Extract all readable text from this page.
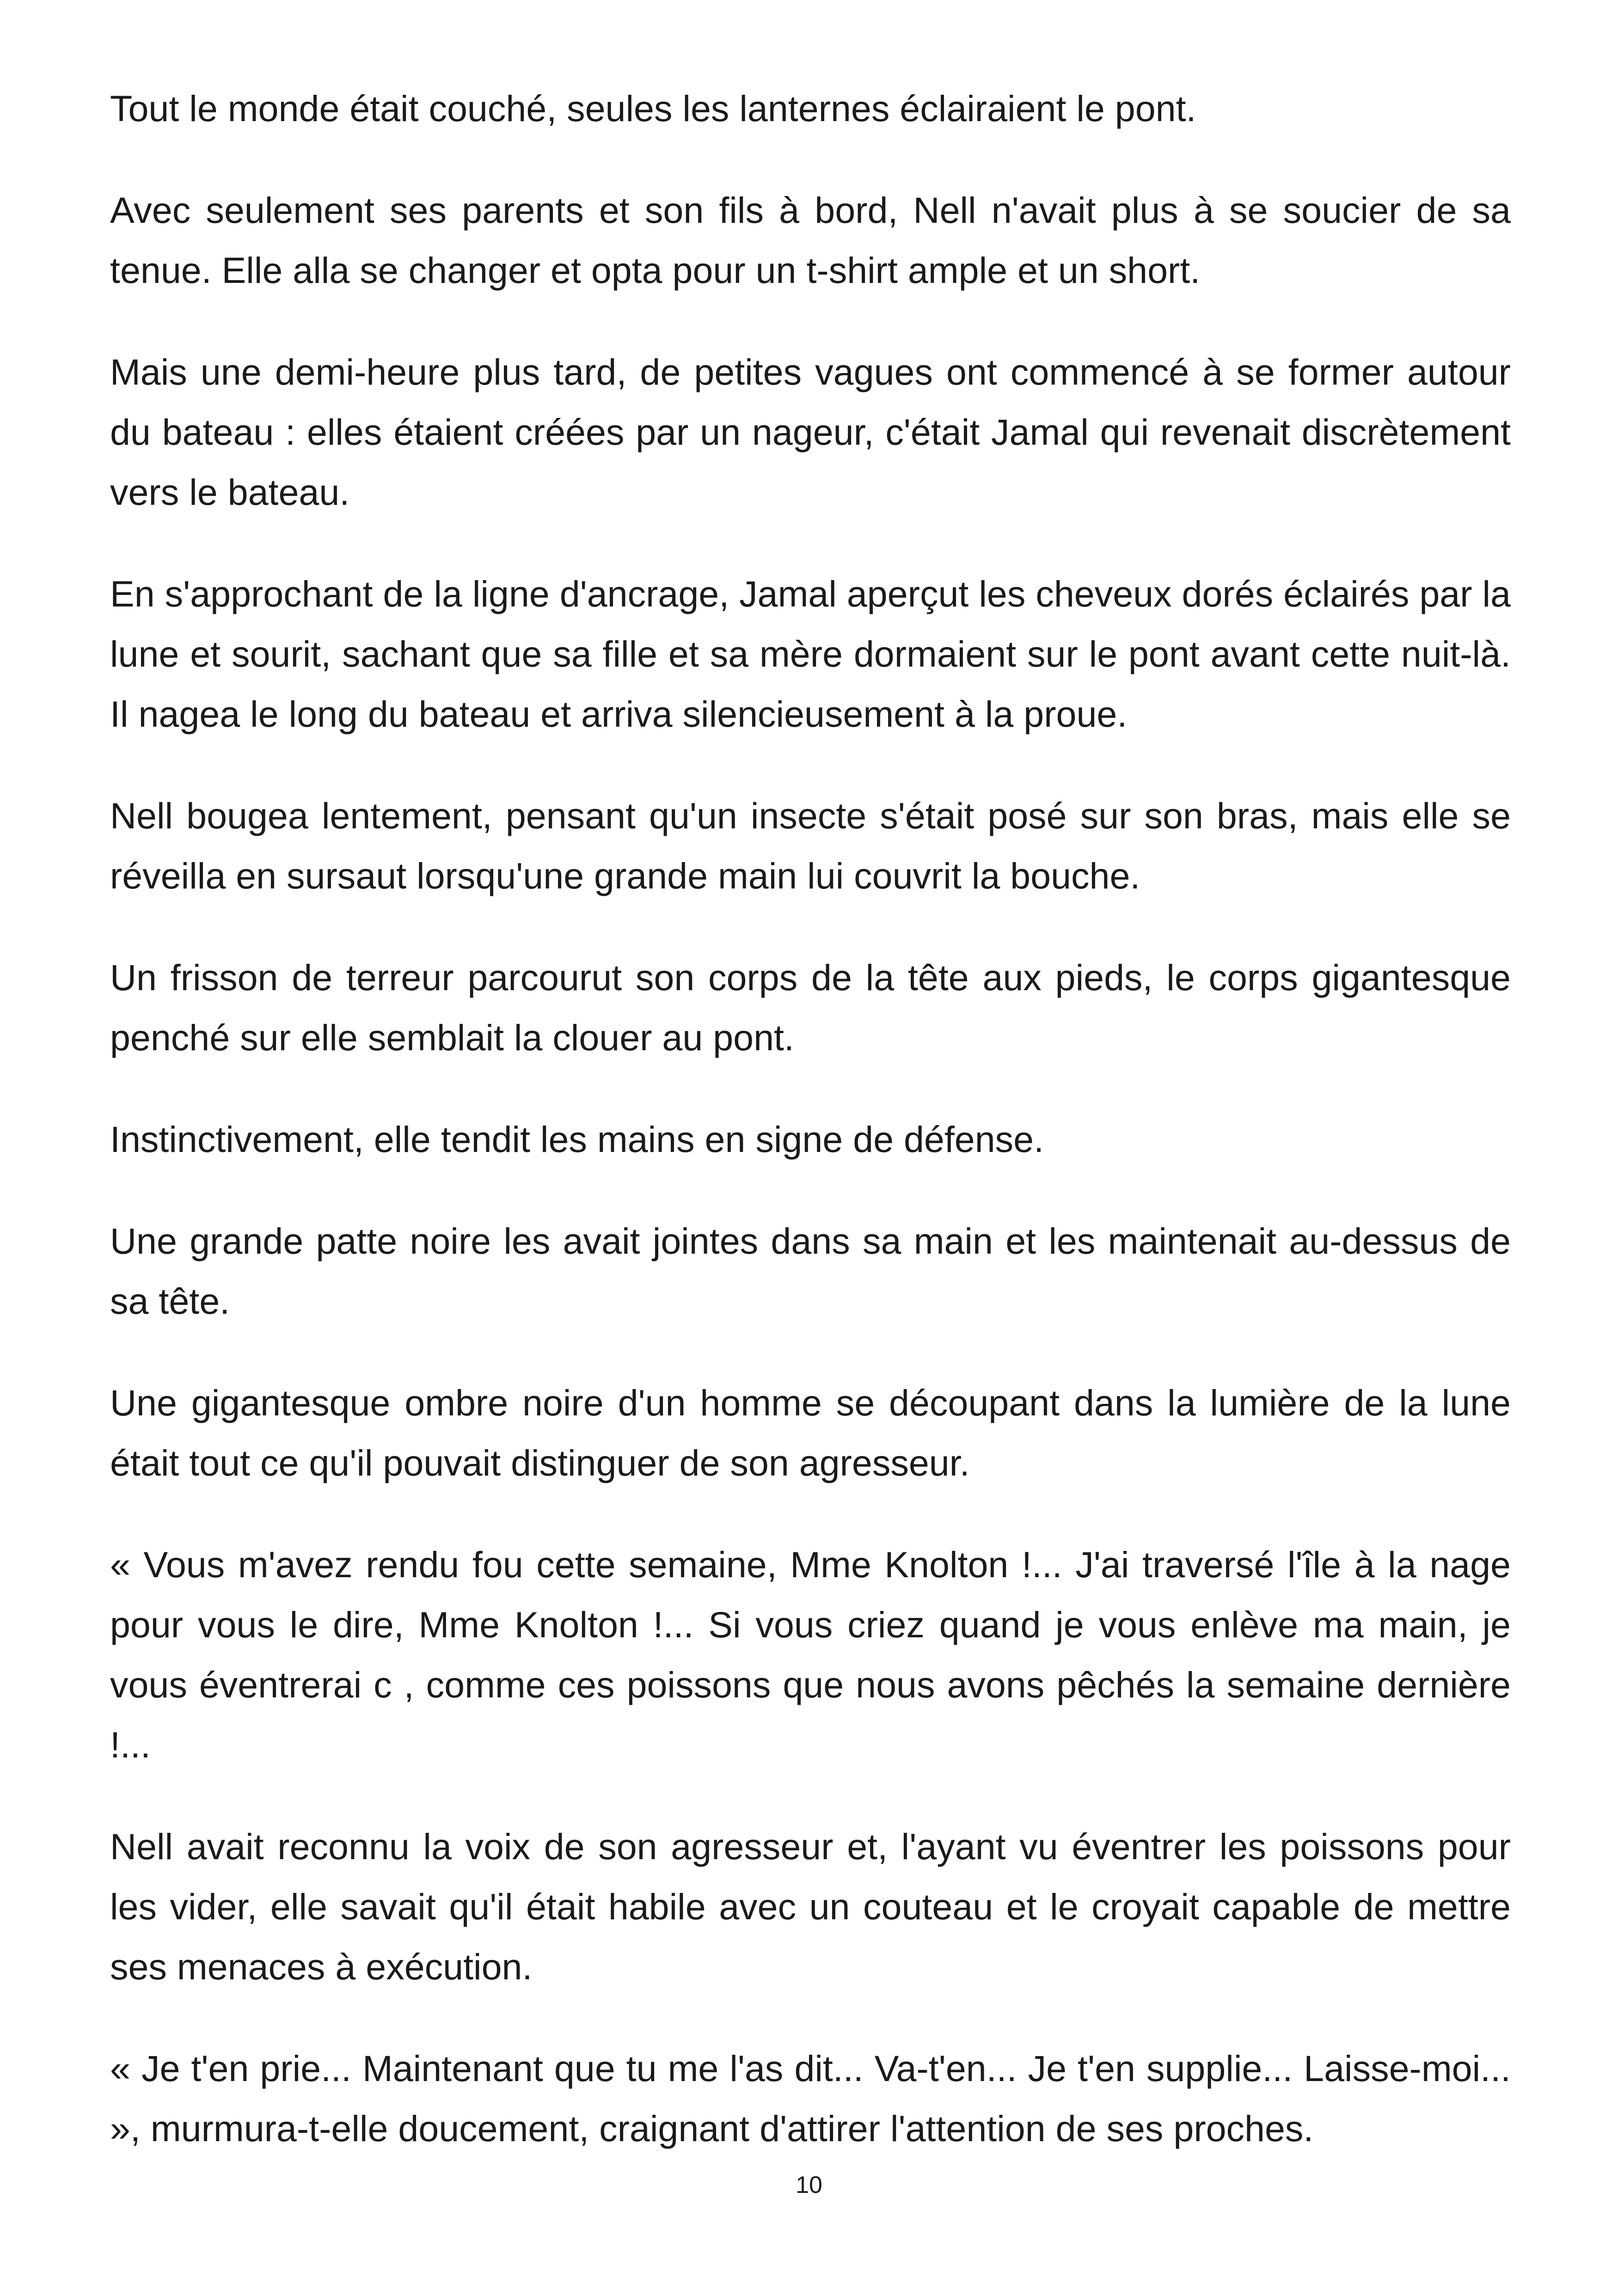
Tout le monde était couché, seules les lanternes éclairaient le pont.

Avec seulement ses parents et son fils à bord, Nell n'avait plus à se soucier de sa tenue. Elle alla se changer et opta pour un t-shirt ample et un short.

Mais une demi-heure plus tard, de petites vagues ont commencé à se former autour du bateau : elles étaient créées par un nageur, c'était Jamal qui revenait discrètement vers le bateau.

En s'approchant de la ligne d'ancrage, Jamal aperçut les cheveux dorés éclairés par la lune et sourit, sachant que sa fille et sa mère dormaient sur le pont avant cette nuit-là. Il nagea le long du bateau et arriva silencieusement à la proue.

Nell bougea lentement, pensant qu'un insecte s'était posé sur son bras, mais elle se réveilla en sursaut lorsqu'une grande main lui couvrit la bouche.

Un frisson de terreur parcourut son corps de la tête aux pieds, le corps gigantesque penché sur elle semblait la clouer au pont.

Instinctivement, elle tendit les mains en signe de défense.

Une grande patte noire les avait jointes dans sa main et les maintenait au-dessus de sa tête.

Une gigantesque ombre noire d'un homme se découpant dans la lumière de la lune était tout ce qu'il pouvait distinguer de son agresseur.

« Vous m'avez rendu fou cette semaine, Mme Knolton !... J'ai traversé l'île à la nage pour vous le dire, Mme Knolton !... Si vous criez quand je vous enlève ma main, je vous éventrerai c , comme ces poissons que nous avons pêchés la semaine dernière !...

Nell avait reconnu la voix de son agresseur et, l'ayant vu éventrer les poissons pour les vider, elle savait qu'il était habile avec un couteau et le croyait capable de mettre ses menaces à exécution.

« Je t'en prie... Maintenant que tu me l'as dit... Va-t'en... Je t'en supplie... Laisse-moi... », murmura-t-elle doucement, craignant d'attirer l'attention de ses proches.

10
